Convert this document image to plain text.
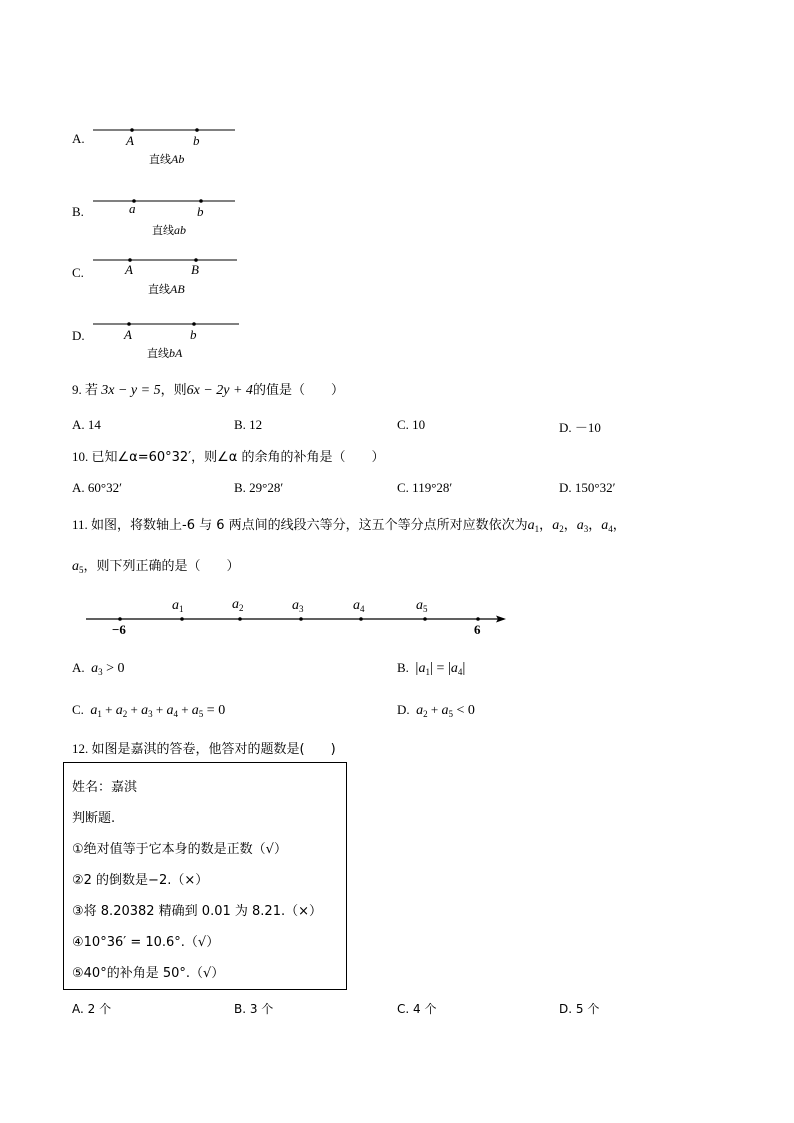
A.	A	b
直线Ab
B.	a	b
直线ab
C.	A	B
直线AB
D.	A	b
直线bA
9. 若 3x − y = 5，则6x − 2y + 4的值是（　　）
A. 14	B. 12	C. 10	D. －10
10. 已知∠α=60°32′，则∠α 的余角的补角是（　　）
A. 60°32′	B. 29°28′	C. 119°28′	D. 150°32′
11. 如图，将数轴上-6 与 6 两点间的线段六等分，这五个等分点所对应数依次为$a_1$，$a_2$，$a_3$，$a_4$，
$a_5$，则下列正确的是（　　）
−6	6
$a_1$	$a_2$	$a_3$	$a_4$	$a_5$
A. $a_3 > 0$	B. $|a_1| = |a_4|$
C. $a_1 + a_2 + a_3 + a_4 + a_5 = 0$	D. $a_2 + a_5 < 0$
12. 如图是嘉淇的答卷，他答对的题数是(　　)
姓名：嘉淇
判断题.
①绝对值等于它本身的数是正数（√）
②2 的倒数是−2.（×）
③将 8.20382 精确到 0.01 为 8.21.（×）
④10°36′ = 10.6°.（√）
⑤40°的补角是 50°.（√）
A. 2 个	B. 3 个	C. 4 个	D. 5 个
